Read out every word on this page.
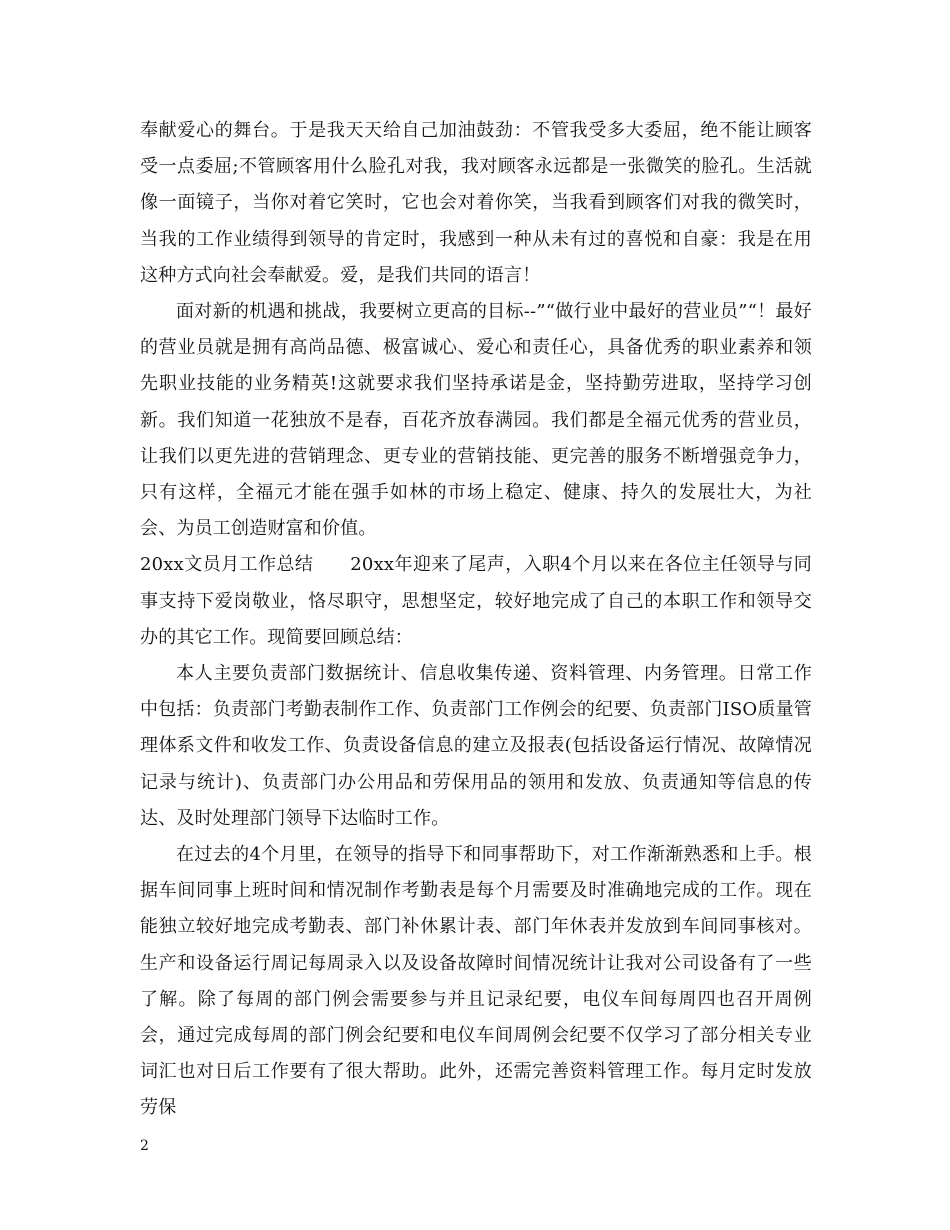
奉献爱心的舞台。于是我天天给自己加油鼓劲：不管我受多大委屈，绝不能让顾客受一点委屈;不管顾客用什么脸孔对我，我对顾客永远都是一张微笑的脸孔。生活就像一面镜子，当你对着它笑时，它也会对着你笑，当我看到顾客们对我的微笑时，当我的工作业绩得到领导的肯定时，我感到一种从未有过的喜悦和自豪：我是在用这种方式向社会奉献爱。爱，是我们共同的语言！

面对新的机遇和挑战，我要树立更高的目标--”“做行业中最好的营业员”“！最好的营业员就是拥有高尚品德、极富诚心、爱心和责任心，具备优秀的职业素养和领先职业技能的业务精英!这就要求我们坚持承诺是金，坚持勤劳进取，坚持学习创新。我们知道一花独放不是春，百花齐放春满园。我们都是全福元优秀的营业员，让我们以更先进的营销理念、更专业的营销技能、更完善的服务不断增强竞争力，只有这样，全福元才能在强手如林的市场上稳定、健康、持久的发展壮大，为社会、为员工创造财富和价值。

20xx文员月工作总结　　20xx年迎来了尾声，入职4个月以来在各位主任领导与同事支持下爱岗敬业，恪尽职守，思想坚定，较好地完成了自己的本职工作和领导交办的其它工作。现简要回顾总结：

本人主要负责部门数据统计、信息收集传递、资料管理、内务管理。日常工作中包括：负责部门考勤表制作工作、负责部门工作例会的纪要、负责部门ISO质量管理体系文件和收发工作、负责设备信息的建立及报表(包括设备运行情况、故障情况记录与统计)、负责部门办公用品和劳保用品的领用和发放、负责通知等信息的传达、及时处理部门领导下达临时工作。

在过去的4个月里，在领导的指导下和同事帮助下，对工作渐渐熟悉和上手。根据车间同事上班时间和情况制作考勤表是每个月需要及时准确地完成的工作。现在能独立较好地完成考勤表、部门补休累计表、部门年休表并发放到车间同事核对。生产和设备运行周记每周录入以及设备故障时间情况统计让我对公司设备有了一些了解。除了每周的部门例会需要参与并且记录纪要，电仪车间每周四也召开周例会，通过完成每周的部门例会纪要和电仪车间周例会纪要不仅学习了部分相关专业词汇也对日后工作要有了很大帮助。此外，还需完善资料管理工作。每月定时发放劳保

2
